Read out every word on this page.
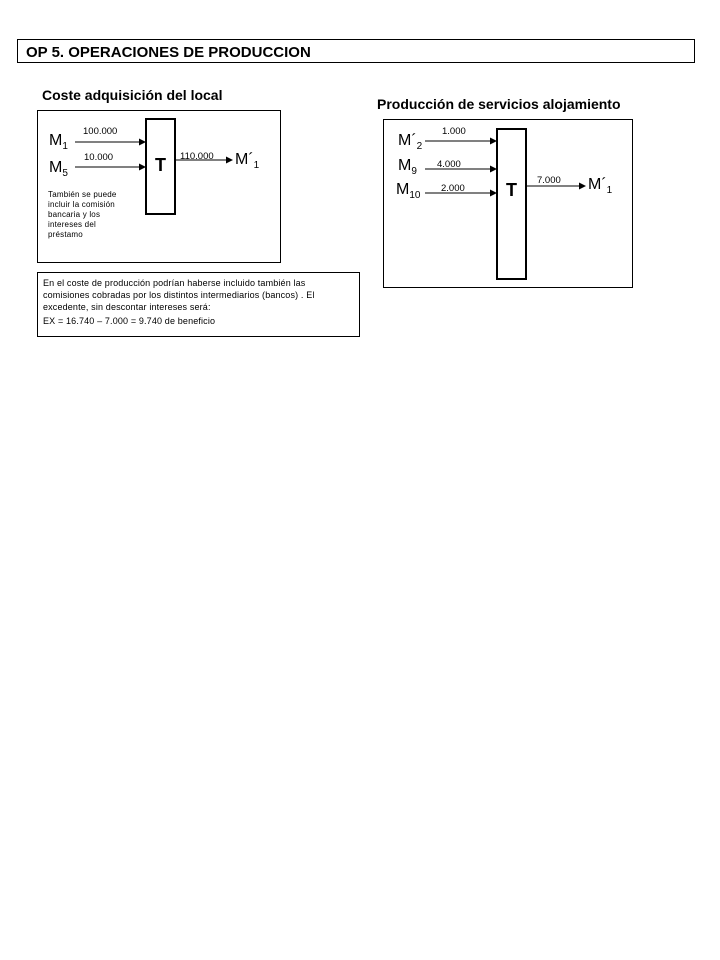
OP 5. OPERACIONES DE PRODUCCION
Coste adquisición del local
T
$M_1$
100.000
$M_5$
10.000	110.000 $M´_1$
También se puede incluir la comisión bancaria y los intereses del préstamo

En el coste de producción podrían haberse incluido también las comisiones cobradas por los distintos intermediarios (bancos) . El excedente, sin descontar intereses será:

EX = 16.740 – 7.000 = 9.740 de beneficio

Producción de servicios alojamiento
T
$M´_2$
1.000
$M_9$
4.000
$M_{10}$
2.000
7.000 $M´_1$
